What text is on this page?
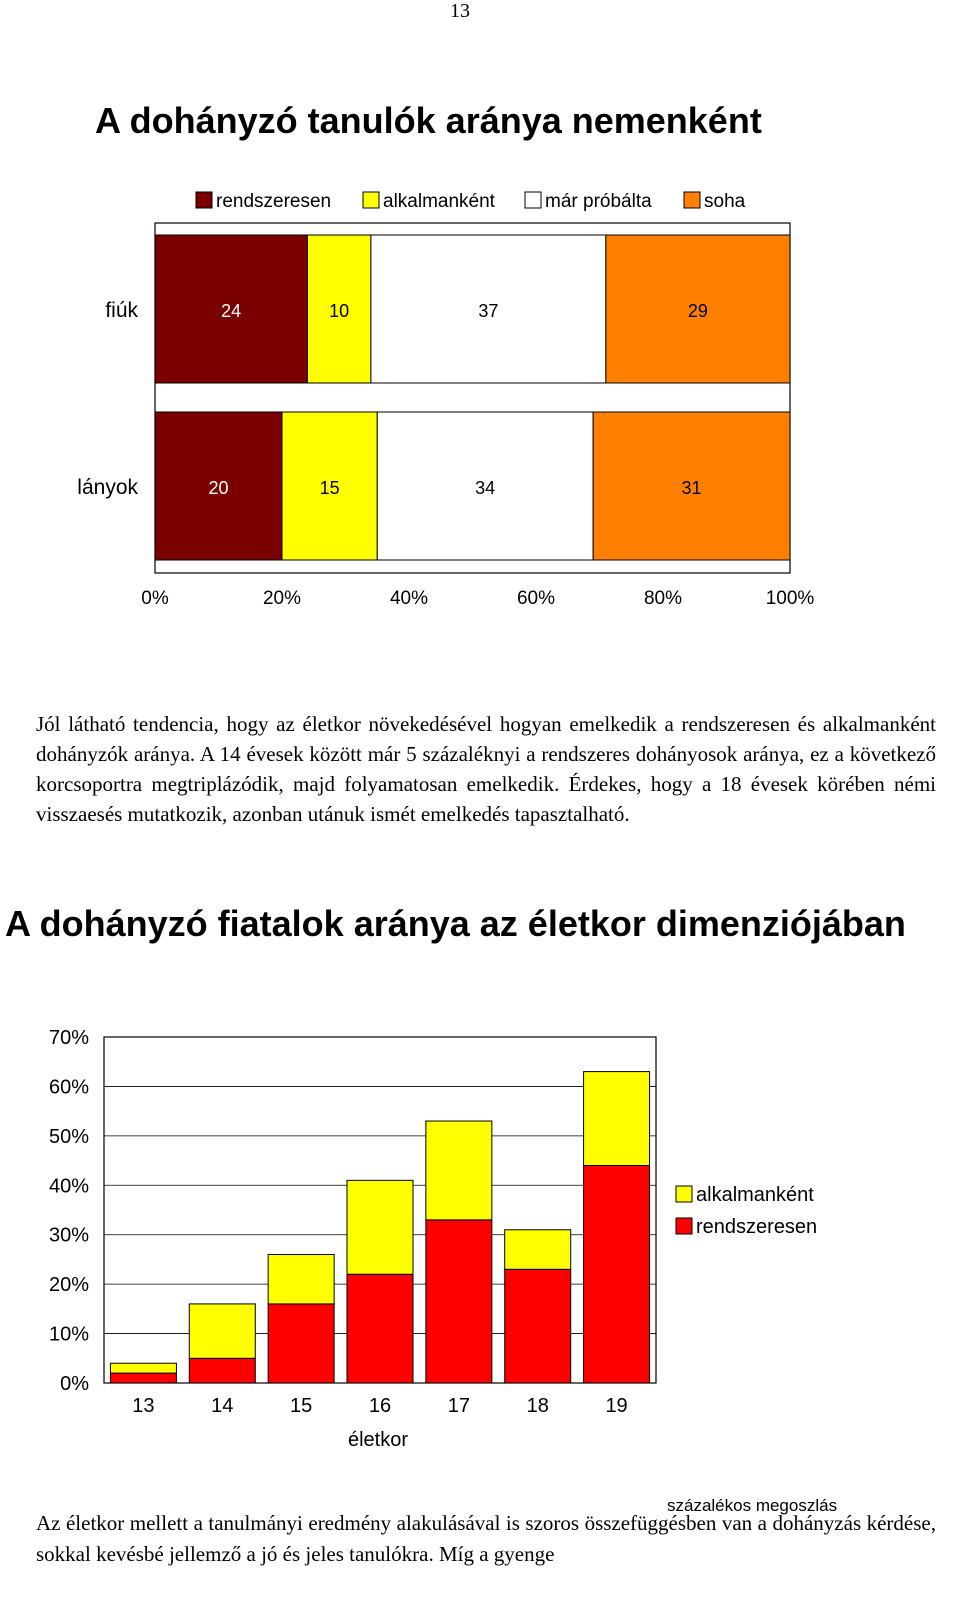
13
A dohányzó tanulók aránya nemenként
rendszeresen	alkalmanként	már próbálta	soha
fiúk	24	10	37	29
lányok	20	15	34	31
0%	20%	40%	60%	80%	100%

Jól látható tendencia, hogy az életkor növekedésével hogyan emelkedik a rendszeresen és alkalmanként dohányzók aránya. A 14 évesek között már 5 százaléknyi a rendszeres dohányosok aránya, ez a következő korcsoportra megtriplázódik, majd folyamatosan emelkedik. Érdekes, hogy a 18 évesek körében némi visszaesés mutatkozik, azonban utánuk ismét emelkedés tapasztalható.

A dohányzó fiatalok aránya az életkor dimenziójában
0%
10%
20%
30%
40%
50%
60%
70%
13	14	15	16	17	18	19
életkor
alkalmanként
rendszeresen
százalékos megoszlás

Az életkor mellett a tanulmányi eredmény alakulásával is szoros összefüggésben van a dohányzás kérdése, sokkal kevésbé jellemző a jó és jeles tanulókra. Míg a gyenge
